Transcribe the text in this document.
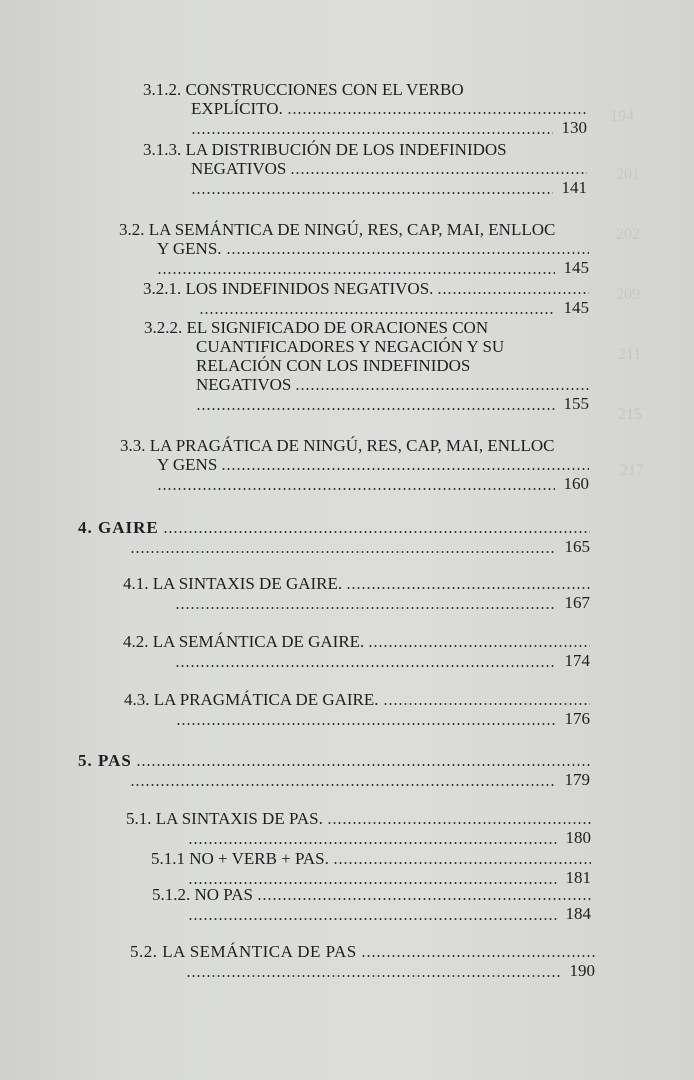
194
201
202
209
211
215
217
3.1.2. CONSTRUCCIONES CON EL VERBO
EXPLÍCITO.
130
3.1.3. LA DISTRIBUCIÓN DE LOS INDEFINIDOS
NEGATIVOS
141
3.2. LA SEMÁNTICA DE NINGÚ, RES, CAP, MAI, ENLLOC
Y GENS.
145
3.2.1. LOS INDEFINIDOS NEGATIVOS.
145
3.2.2. EL SIGNIFICADO DE ORACIONES CON
CUANTIFICADORES Y NEGACIÓN Y SU
RELACIÓN CON LOS INDEFINIDOS
NEGATIVOS
155
3.3. LA PRAGÁTICA DE NINGÚ, RES, CAP, MAI, ENLLOC
Y GENS
160
4. GAIRE
165
4.1. LA SINTAXIS DE GAIRE.
167
4.2. LA SEMÁNTICA DE GAIRE.
174
4.3. LA PRAGMÁTICA DE GAIRE.
176
5. PAS
179
5.1. LA SINTAXIS DE PAS.
180
5.1.1 NO + VERB + PAS.
181
5.1.2. NO PAS
184
5.2. LA SEMÁNTICA DE PAS
190
